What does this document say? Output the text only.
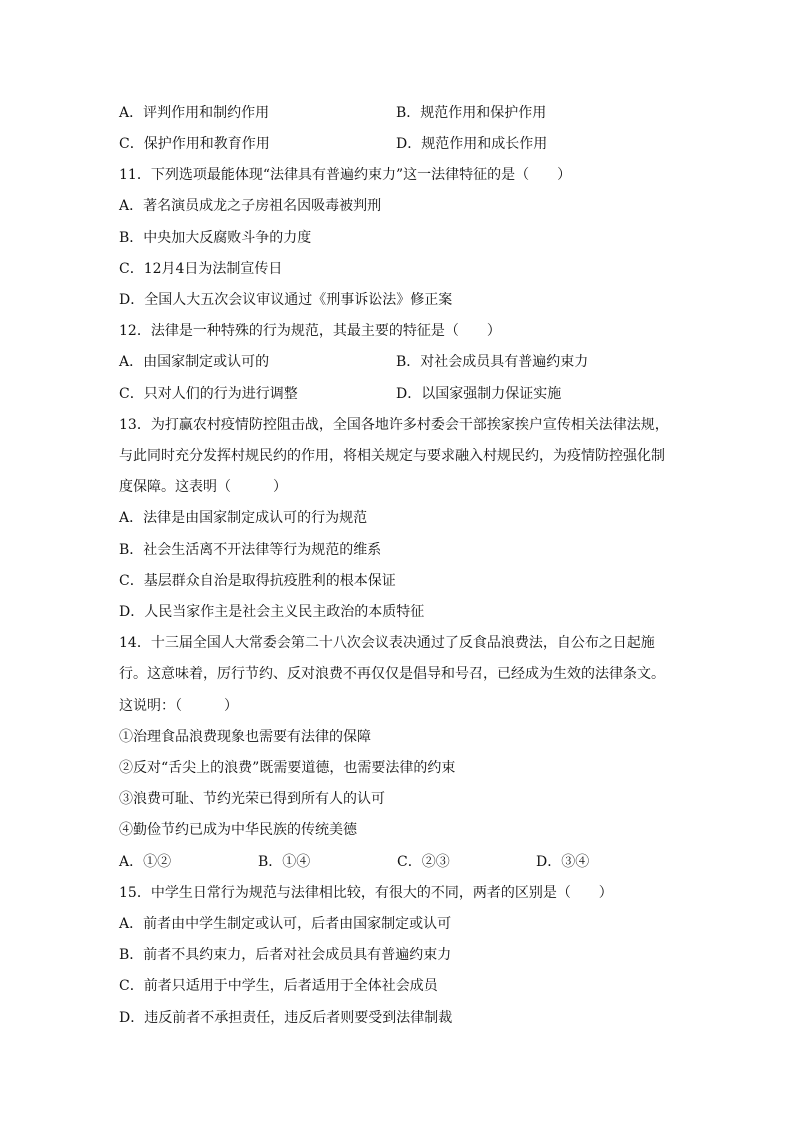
A．评判作用和制约作用	B．规范作用和保护作用
C．保护作用和教育作用	D．规范作用和成长作用
11．下列选项最能体现“法律具有普遍约束力”这一法律特征的是（　　）
A．著名演员成龙之子房祖名因吸毒被判刑
B．中央加大反腐败斗争的力度
C．12月4日为法制宣传日
D．全国人大五次会议审议通过《刑事诉讼法》修正案
12．法律是一种特殊的行为规范，其最主要的特征是（　　）
A．由国家制定或认可的	B．对社会成员具有普遍约束力
C．只对人们的行为进行调整	D．以国家强制力保证实施
13．为打赢农村疫情防控阻击战，全国各地许多村委会干部挨家挨户宣传相关法律法规，
与此同时充分发挥村规民约的作用，将相关规定与要求融入村规民约，为疫情防控强化制
度保障。这表明（　　　）
A．法律是由国家制定成认可的行为规范
B．社会生活离不开法律等行为规范的维系
C．基层群众自治是取得抗疫胜利的根本保证
D．人民当家作主是社会主义民主政治的本质特征
14．十三届全国人大常委会第二十八次会议表决通过了反食品浪费法，自公布之日起施
行。这意味着，厉行节约、反对浪费不再仅仅是倡导和号召，已经成为生效的法律条文。
这说明：（　　　）
①治理食品浪费现象也需要有法律的保障
②反对“舌尖上的浪费”既需要道德，也需要法律的约束
③浪费可耻、节约光荣已得到所有人的认可
④勤俭节约已成为中华民族的传统美德
A．①②	B．①④	C．②③	D．③④
15．中学生日常行为规范与法律相比较，有很大的不同，两者的区别是（　　）
A．前者由中学生制定或认可，后者由国家制定或认可
B．前者不具约束力，后者对社会成员具有普遍约束力
C．前者只适用于中学生，后者适用于全体社会成员
D．违反前者不承担责任，违反后者则要受到法律制裁
